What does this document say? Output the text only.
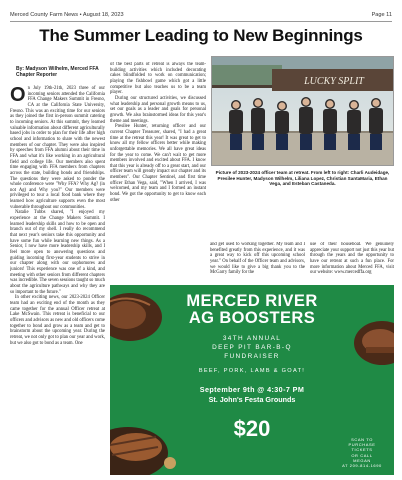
Merced County Farm News • August 18, 2023	Page 11
The Summer Leading to New Beginnings
By: Madyson Wilhelm, Merced FFA Chapter Reporter

On July 19th-21th, 2023 three of our incoming seniors attended the California FFA Change Makers Summit in Fresno, CA at the California State University, Fresno. This was an exciting time for our seniors as they joined the first in-person summit catering to incoming seniors. At this summit, they learned valuable information about different agriculturally based jobs in order to plan for their life after high school and information to share with the newest members of our chapter. They were also inspired by speeches from FFA alumni about their time in FFA and what it's like working in an agricultural field and college life. Our members also spent time engaging with FFA members from chapters across the state, building bonds and friendships. The questions they were asked to ponder the whole conference were "Why FFA? Why Ag? (in not Ag) and Why you?" Our members were privileged to tour a local food bank where they learned how agriculture supports even the most vulnerable throughout our communities.

Natalie Tubbs shared, "I enjoyed my experience at the Change Makers Summit. I learned leadership skills and how to be open and branch out of my shell. I really do recommend that next year's seniors take this opportunity and have some fun while learning new things. As a Senior, I now have more leadership skills, and I feel more open to answering questions and guiding incoming first-year students to strive in our chapter along with our sophomores and juniors! This experience was one of a kind, and meeting with other seniors from different chapters was incredible. The seven sessions taught so much about the agriculture pathways and why they are so important to the future."

In other exciting news, our 2023-2024 Officer team had an exciting end of the month as they came together for the annual Officer retreat at Lake McSwain. This retreat is beneficial to our officers and advisors as new and old officers come together to bond and grow as a team and get to brainstorm about the upcoming year. During the retreat, we not only got to plan our year and work, but we also got to bond as a team. One

of the best parts of retreat is always the team-building activities which included decorating cakes blindfolded to work on communication; playing the fishbowl game which got a little competitive but also teaches us to be a team player.

During our structured activities, we discussed what leadership and personal growth means to us, set our goals as a leader and goals for personal growth. We also brainstormed ideas for this year's theme and meetings.

Presilee Hunter, returning officer and our current Chapter Treasurer, shared, "I had a great time at the retreat this year! It was great to get to know all my fellow officers better while making unforgettable memories. We all have great ideas for the year to come. We can't wait to get more members involved and excited about FFA. I know that this year is already off to a great start, and our officer team will greatly impact our chapter and its members". Our Chapter Sentinel, and first time officer Ethan Vega, said, "When I arrived, I was welcomed, and my team and I formed an instant bond. We got the opportunity to get to know each other

LUCKY SPLIT
Picture of 2023-2024 officer team at retreat. From left to right: Charli Audeidage, Presilee Hunter, Madyson Wilhelm, Liliana Lopez, Christian SantaMaria, Ethan Vega, and Esteban Castaneda.

and get used to working together. My team and I benefited greatly from this experience, and it was a great way to kick off this upcoming school year." On behalf of the Officer team and advisors, we would like to give a big thank you to the McGarry family for the

use of their houseboat. We genuinely appreciate your support not just this year but through the years and the opportunity to have our retreat at such a fun place. For more information about Merced FFA, visit our website: www.mercedffa.org

MERCED RIVER
AG BOOSTERS
34TH ANNUAL
DEEP PIT BAR-B-Q
FUNDRAISER
BEEF, PORK, LAMB & GOAT!
September 9th @ 4:30-7 PM
St. John's Festa Grounds
$20	SCAN TO
PURCHASE
TICKETS
OR CALL MEGAN
AT 209-814-1690
